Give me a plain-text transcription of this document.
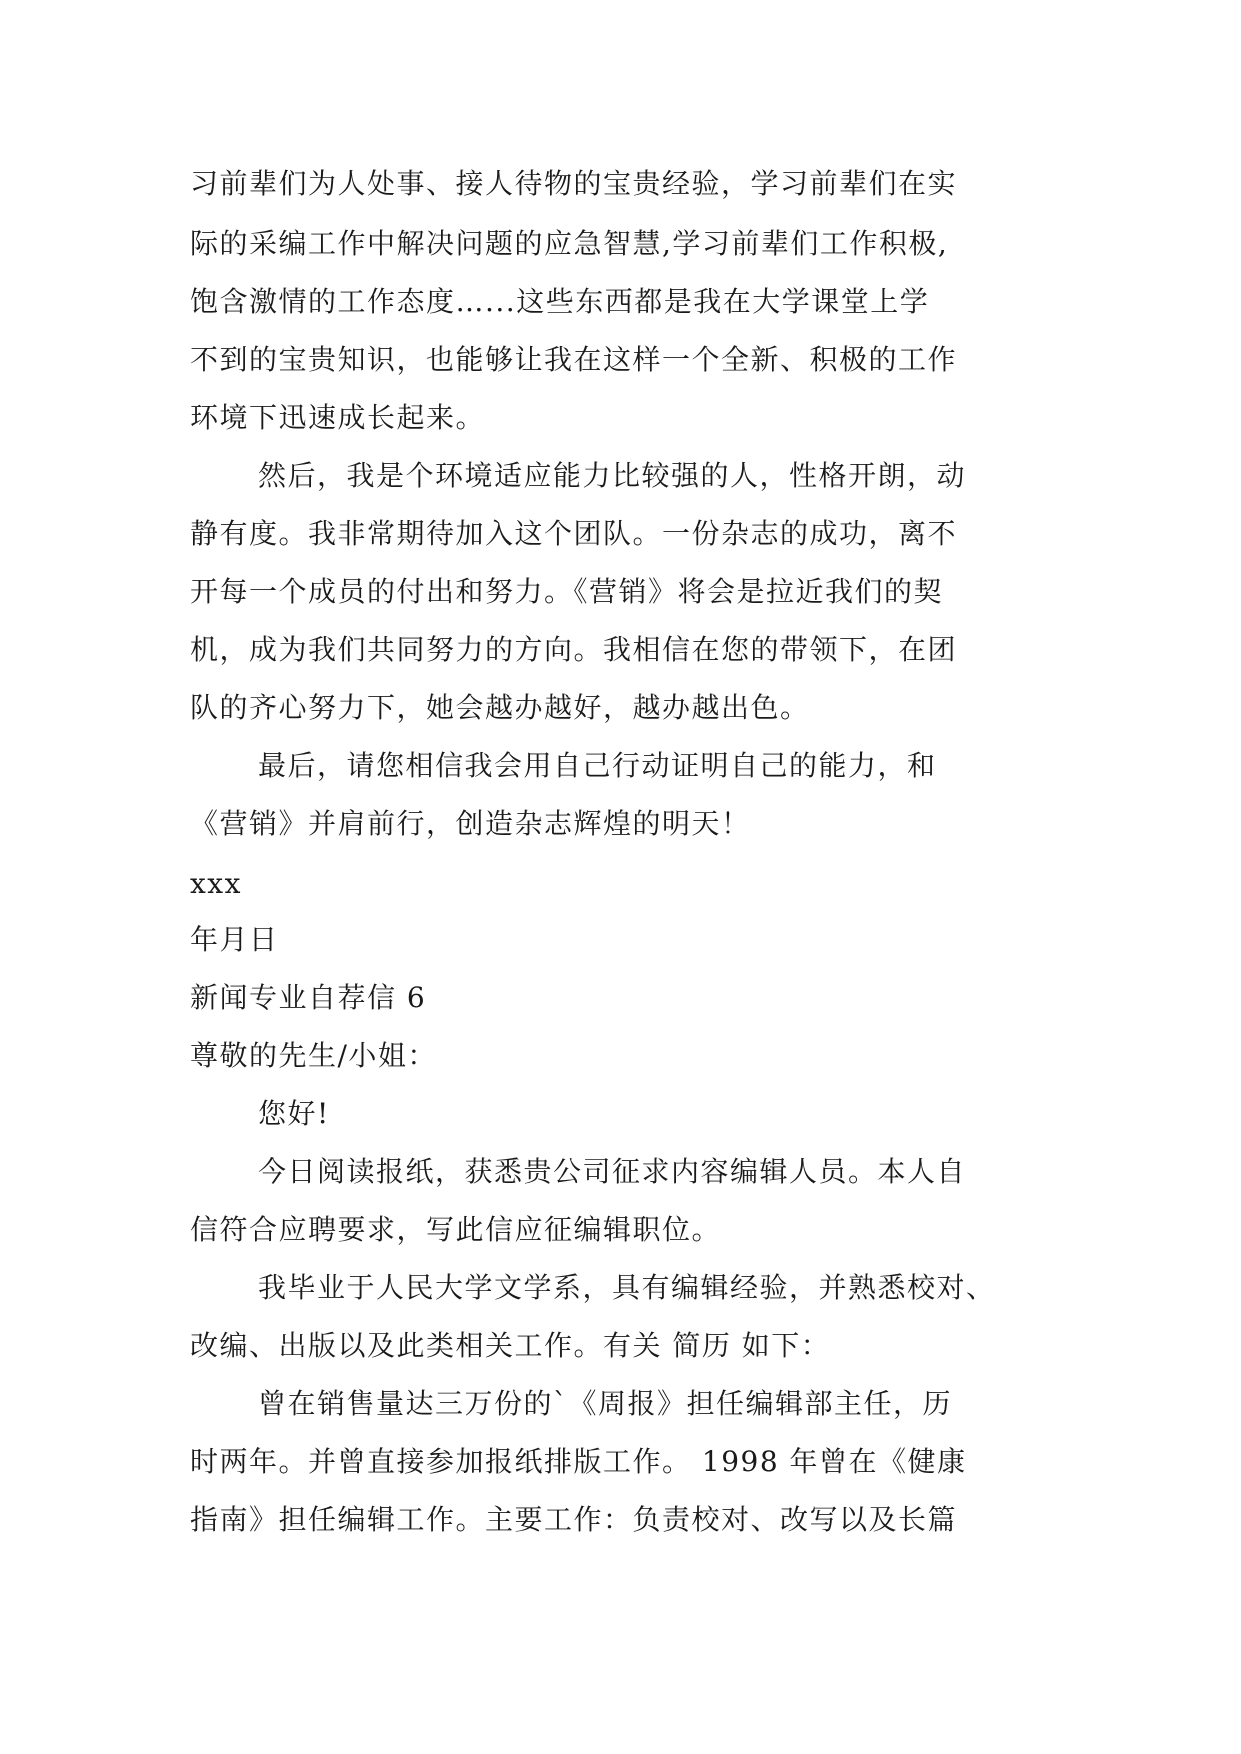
习前辈们为人处事、接人待物的宝贵经验，学习前辈们在实
际的采编工作中解决问题的应急智慧,学习前辈们工作积极,
饱含激情的工作态度…...这些东西都是我在大学课堂上学
不到的宝贵知识，也能够让我在这样一个全新、积极的工作
环境下迅速成长起来。
然后，我是个环境适应能力比较强的人，性格开朗，动
静有度。我非常期待加入这个团队。一份杂志的成功，离不
开每一个成员的付出和努力。《营销》将会是拉近我们的契
机，成为我们共同努力的方向。我相信在您的带领下，在团
队的齐心努力下，她会越办越好，越办越出色。
最后，请您相信我会用自己行动证明自己的能力，和
《营销》并肩前行，创造杂志辉煌的明天！
xxx
年月日
新闻专业自荐信 6
尊敬的先生/小姐：
您好!
今日阅读报纸，获悉贵公司征求内容编辑人员。本人自
信符合应聘要求，写此信应征编辑职位。
我毕业于人民大学文学系，具有编辑经验，并熟悉校对、
改编、出版以及此类相关工作。有关 简历 如下：
曾在销售量达三万份的`《周报》担任编辑部主任，历
时两年。并曾直接参加报纸排版工作。 1998 年曾在《健康
指南》担任编辑工作。主要工作：负责校对、改写以及长篇
